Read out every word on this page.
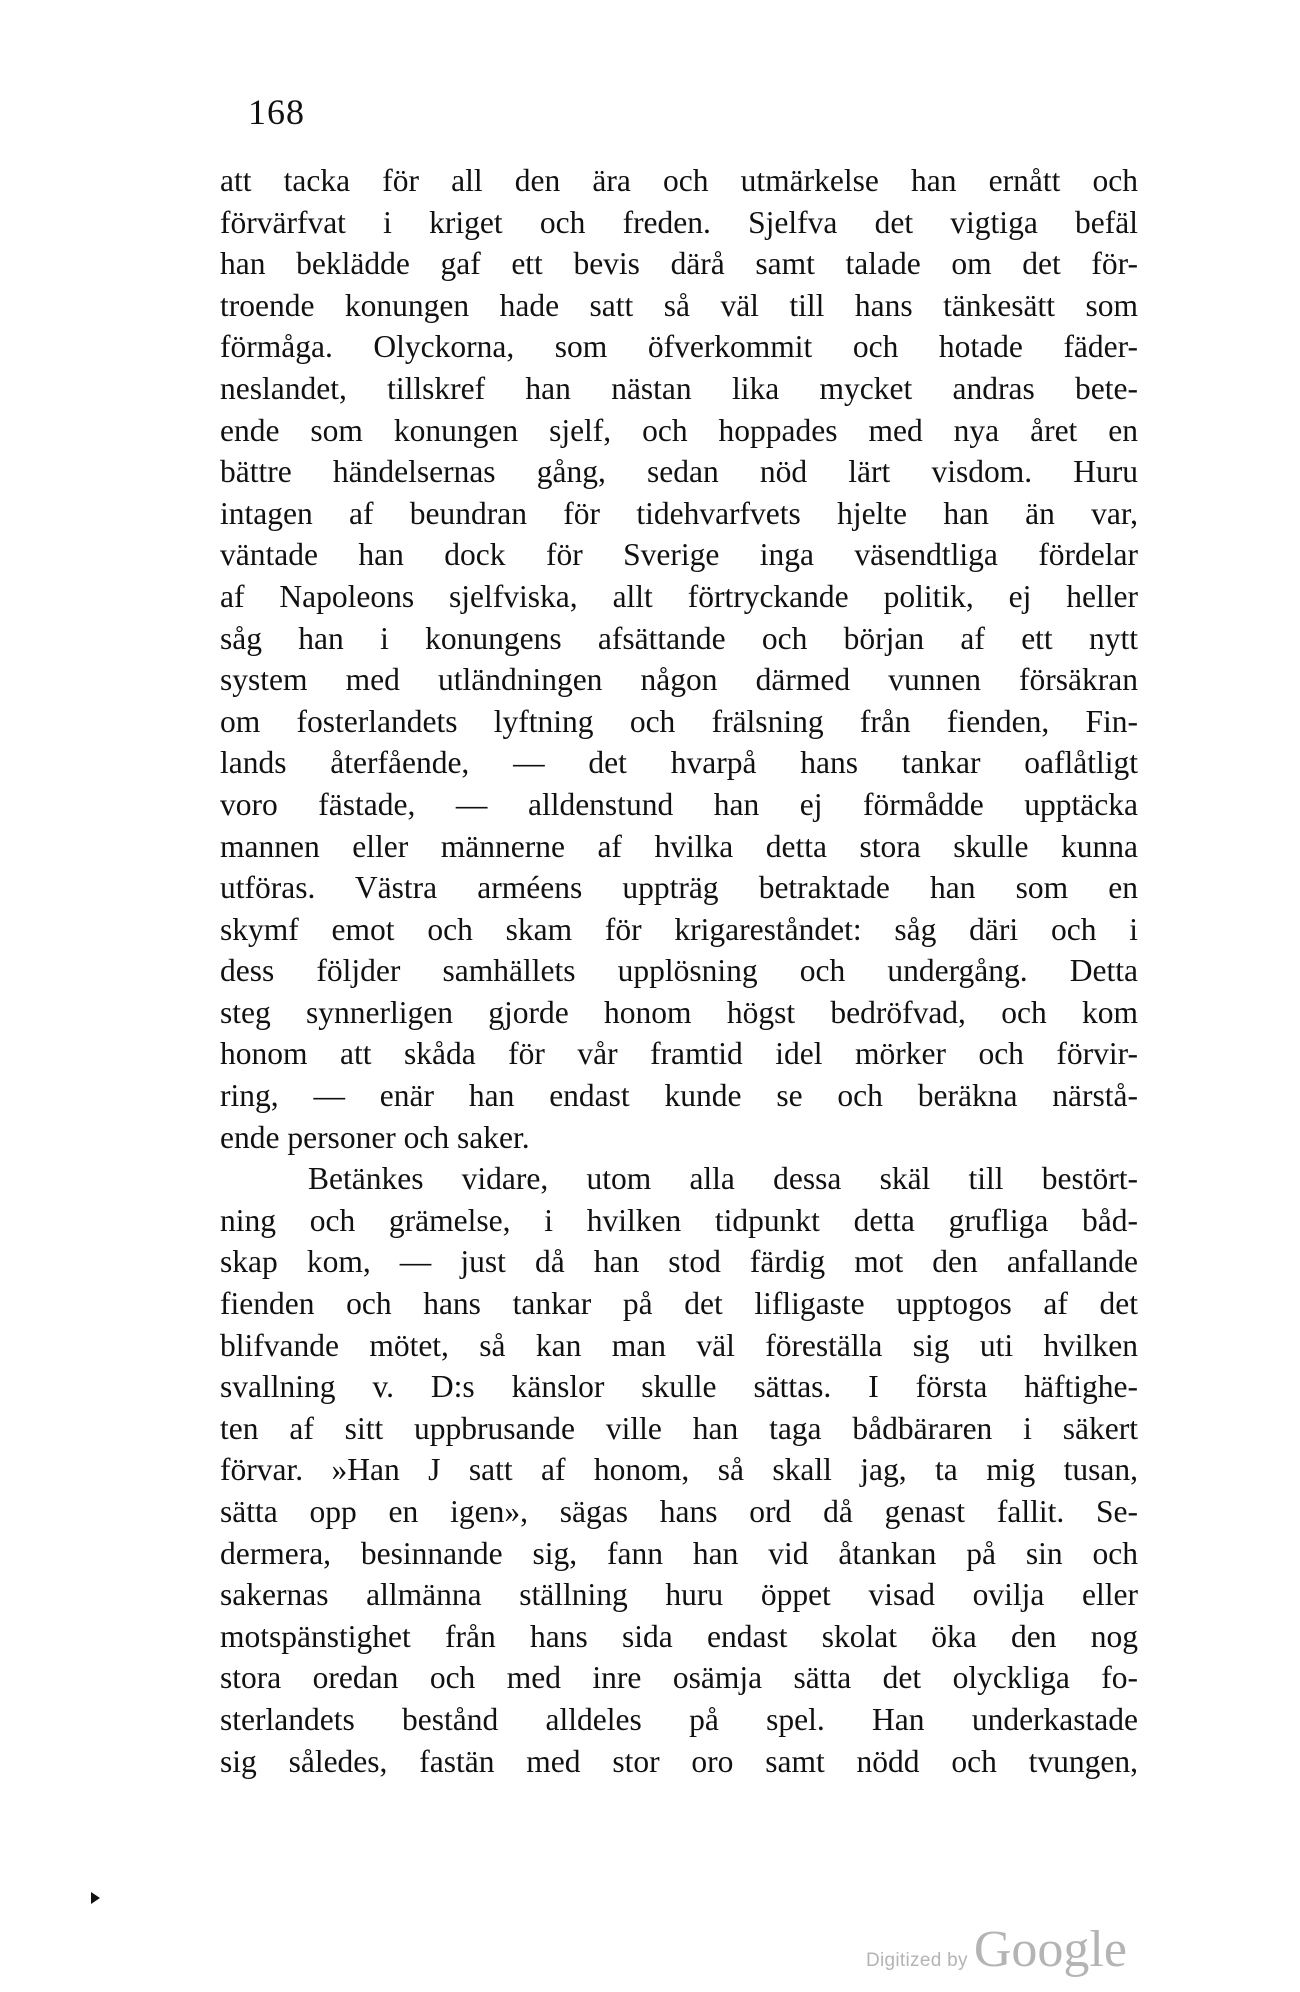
168
att tacka för all den ära och utmärkelse han ernått och
förvärfvat i kriget och freden. Sjelfva det vigtiga befäl
han beklädde gaf ett bevis därå samt talade om det för-
troende konungen hade satt så väl till hans tänkesätt som
förmåga. Olyckorna, som öfverkommit och hotade fäder-
neslandet, tillskref han nästan lika mycket andras bete-
ende som konungen sjelf, och hoppades med nya året en
bättre händelsernas gång, sedan nöd lärt visdom. Huru
intagen af beundran för tidehvarfvets hjelte han än var,
väntade han dock för Sverige inga väsendtliga fördelar
af Napoleons sjelfviska, allt förtryckande politik, ej heller
såg han i konungens afsättande och början af ett nytt
system med utländningen någon därmed vunnen försäkran
om fosterlandets lyftning och frälsning från fienden, Fin-
lands återfående, — det hvarpå hans tankar oaflåtligt
voro fästade, — alldenstund han ej förmådde upptäcka
mannen eller männerne af hvilka detta stora skulle kunna
utföras. Västra arméens uppträg betraktade han som en
skymf emot och skam för krigareståndet: såg däri och i
dess följder samhällets upplösning och undergång. Detta
steg synnerligen gjorde honom högst bedröfvad, och kom
honom att skåda för vår framtid idel mörker och förvir-
ring, — enär han endast kunde se och beräkna närstå-
ende personer och saker.
Betänkes vidare, utom alla dessa skäl till bestört-
ning och grämelse, i hvilken tidpunkt detta grufliga båd-
skap kom, — just då han stod färdig mot den anfallande
fienden och hans tankar på det lifligaste upptogos af det
blifvande mötet, så kan man väl föreställa sig uti hvilken
svallning v. D:s känslor skulle sättas. I första häftighe-
ten af sitt uppbrusande ville han taga bådbäraren i säkert
förvar. »Han J satt af honom, så skall jag, ta mig tusan,
sätta opp en igen», sägas hans ord då genast fallit. Se-
dermera, besinnande sig, fann han vid åtankan på sin och
sakernas allmänna ställning huru öppet visad ovilja eller
motspänstighet från hans sida endast skolat öka den nog
stora oredan och med inre osämja sätta det olyckliga fo-
sterlandets bestånd alldeles på spel. Han underkastade
sig således, fastän med stor oro samt nödd och tvungen,
Digitized by Google
